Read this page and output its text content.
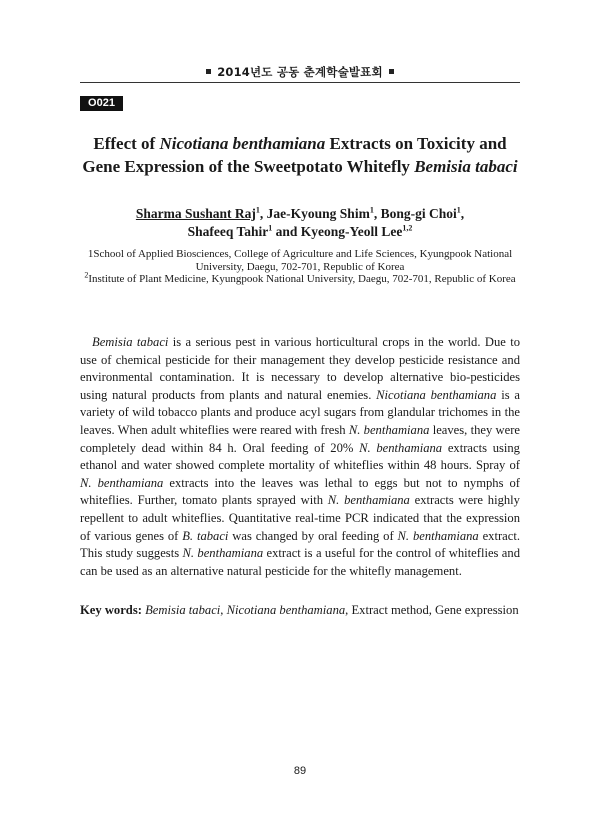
2014년도 공동 춘계학술발표회
O021
Effect of Nicotiana benthamiana Extracts on Toxicity and Gene Expression of the Sweetpotato Whitefly Bemisia tabaci
Sharma Sushant Raj$^1$, Jae-Kyoung Shim$^1$, Bong-gi Choi$^1$,
Shafeeq Tahir$^1$ and Kyeong-Yeoll Lee$^{1,2}$
1School of Applied Biosciences, College of Agriculture and Life Sciences, Kyungpook National University, Daegu, 702-701, Republic of Korea
$^2$Institute of Plant Medicine, Kyungpook National University, Daegu, 702-701, Republic of Korea
Bemisia tabaci is a serious pest in various horticultural crops in the world. Due to use of chemical pesticide for their management they develop pesticide resistance and environmental contamination. It is necessary to develop alternative bio-pesticides using natural products from plants and natural enemies. Nicotiana benthamiana is a variety of wild tobacco plants and produce acyl sugars from glandular trichomes in the leaves. When adult whiteflies were reared with fresh N. benthamiana leaves, they were completely dead within 84 h. Oral feeding of 20% N. benthamiana extracts using ethanol and water showed complete mortality of whiteflies within 48 hours. Spray of N. benthamiana extracts into the leaves was lethal to eggs but not to nymphs of whiteflies. Further, tomato plants sprayed with N. benthamiana extracts were highly repellent to adult whiteflies. Quantitative real-time PCR indicated that the expression of various genes of B. tabaci was changed by oral feeding of N. benthamiana extract. This study suggests N. benthamiana extract is a useful for the control of whiteflies and can be used as an alternative natural pesticide for the whitefly management.
Key words: Bemisia tabaci, Nicotiana benthamiana, Extract method, Gene expression
89
